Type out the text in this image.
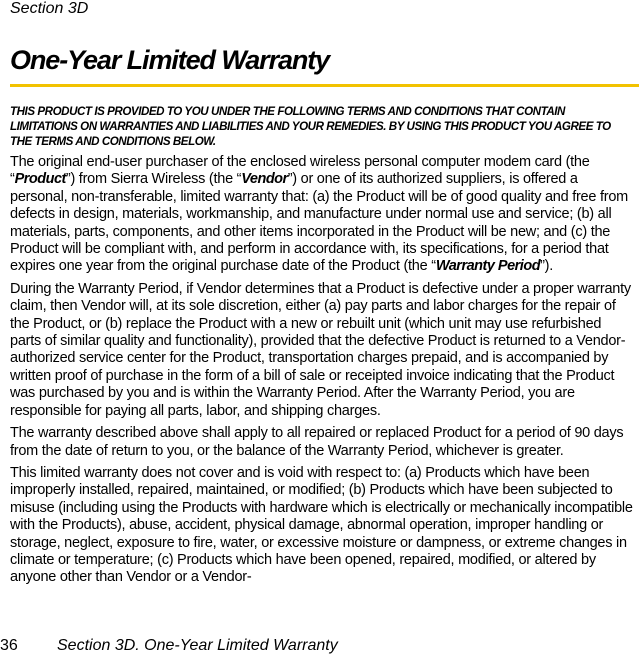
Section 3D
One-Year Limited Warranty

THIS PRODUCT IS PROVIDED TO YOU UNDER THE FOLLOWING TERMS AND CONDITIONS THAT CONTAIN LIMITATIONS ON WARRANTIES AND LIABILITIES AND YOUR REMEDIES. BY USING THIS PRODUCT YOU AGREE TO THE TERMS AND CONDITIONS BELOW.

The original end-user purchaser of the enclosed wireless personal computer modem card (the “Product”) from Sierra Wireless (the “Vendor”) or one of its authorized suppliers, is offered a personal, non-transferable, limited warranty that: (a) the Product will be of good quality and free from defects in design, materials, workmanship, and manufacture under normal use and service; (b) all materials, parts, components, and other items incorporated in the Product will be new; and (c) the Product will be compliant with, and perform in accordance with, its specifications, for a period that expires one year from the original purchase date of the Product (the “Warranty Period”).

During the Warranty Period, if Vendor determines that a Product is defective under a proper warranty claim, then Vendor will, at its sole discretion, either (a) pay parts and labor charges for the repair of the Product, or (b) replace the Product with a new or rebuilt unit (which unit may use refurbished parts of similar quality and functionality), provided that the defective Product is returned to a Vendor-authorized service center for the Product, transportation charges prepaid, and is accompanied by written proof of purchase in the form of a bill of sale or receipted invoice indicating that the Product was purchased by you and is within the Warranty Period. After the Warranty Period, you are responsible for paying all parts, labor, and shipping charges.

The warranty described above shall apply to all repaired or replaced Product for a period of 90 days from the date of return to you, or the balance of the Warranty Period, whichever is greater.

This limited warranty does not cover and is void with respect to: (a) Products which have been improperly installed, repaired, maintained, or modified; (b) Products which have been subjected to misuse (including using the Products with hardware which is electrically or mechanically incompatible with the Products), abuse, accident, physical damage, abnormal operation, improper handling or storage, neglect, exposure to fire, water, or excessive moisture or dampness, or extreme changes in climate or temperature; (c) Products which have been opened, repaired, modified, or altered by anyone other than Vendor or a Vendor-

36 Section 3D. One-Year Limited Warranty
